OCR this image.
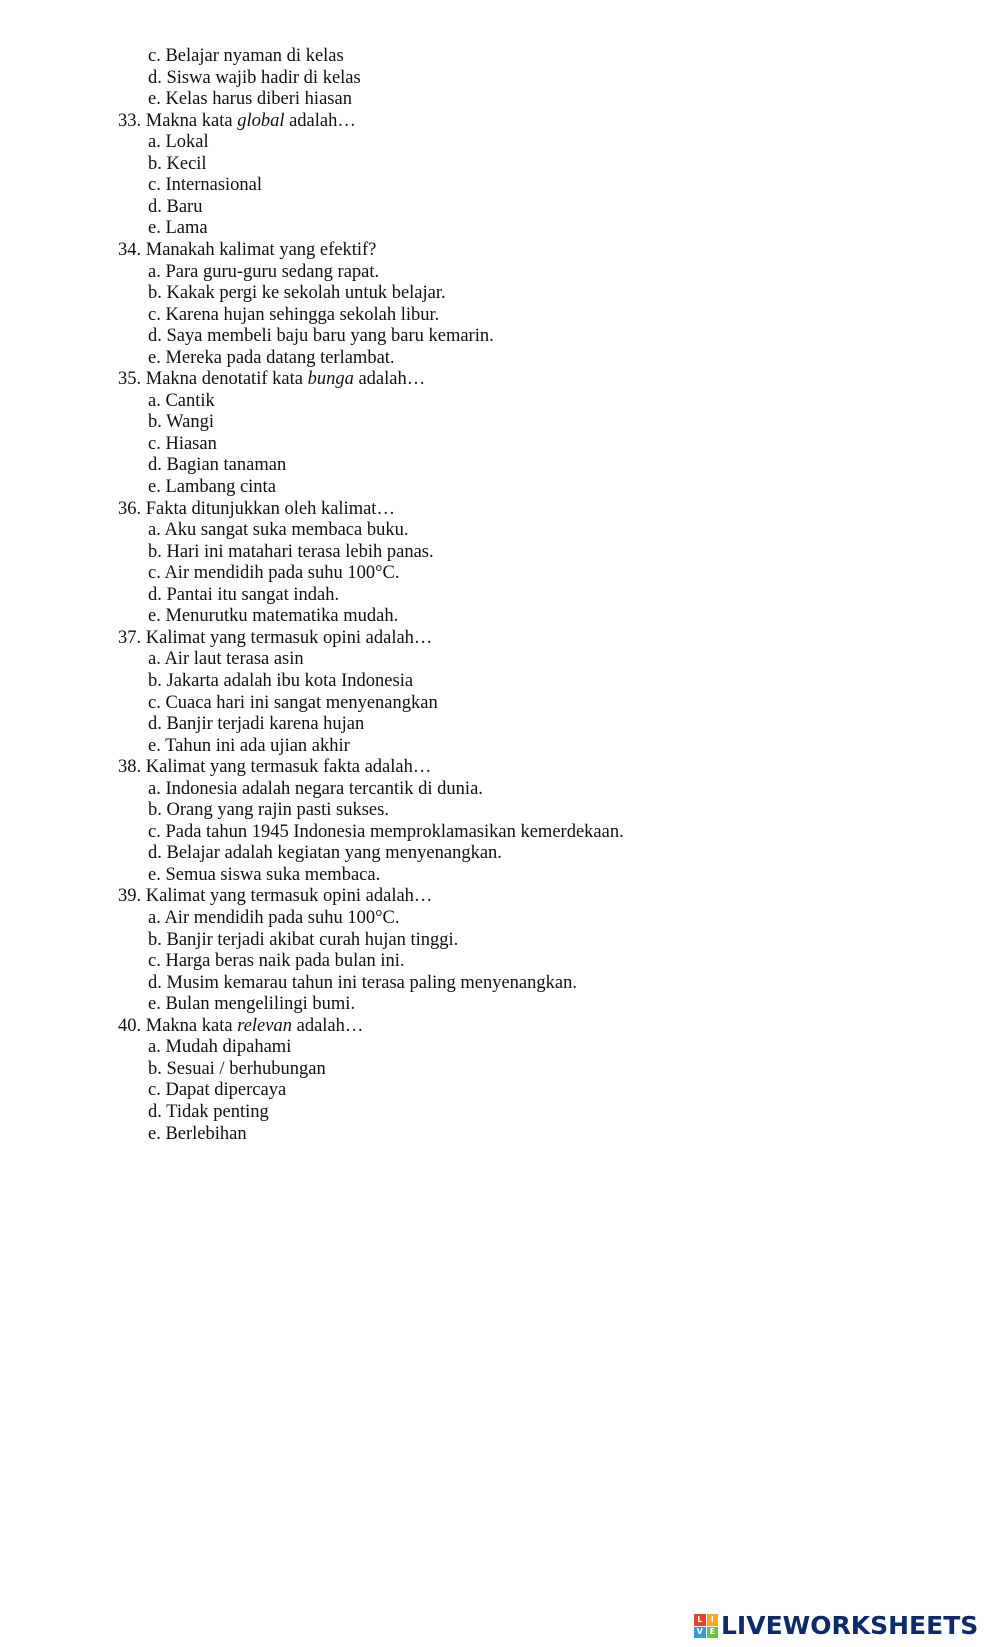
c. Belajar nyaman di kelas
d. Siswa wajib hadir di kelas
e. Kelas harus diberi hiasan
33. Makna kata global adalah…
a. Lokal
b. Kecil
c. Internasional
d. Baru
e. Lama
34. Manakah kalimat yang efektif?
a. Para guru-guru sedang rapat.
b. Kakak pergi ke sekolah untuk belajar.
c. Karena hujan sehingga sekolah libur.
d. Saya membeli baju baru yang baru kemarin.
e. Mereka pada datang terlambat.
35. Makna denotatif kata bunga adalah…
a. Cantik
b. Wangi
c. Hiasan
d. Bagian tanaman
e. Lambang cinta
36. Fakta ditunjukkan oleh kalimat…
a. Aku sangat suka membaca buku.
b. Hari ini matahari terasa lebih panas.
c. Air mendidih pada suhu 100°C.
d. Pantai itu sangat indah.
e. Menurutku matematika mudah.
37. Kalimat yang termasuk opini adalah…
a. Air laut terasa asin
b. Jakarta adalah ibu kota Indonesia
c. Cuaca hari ini sangat menyenangkan
d. Banjir terjadi karena hujan
e. Tahun ini ada ujian akhir
38. Kalimat yang termasuk fakta adalah…
a. Indonesia adalah negara tercantik di dunia.
b. Orang yang rajin pasti sukses.
c. Pada tahun 1945 Indonesia memproklamasikan kemerdekaan.
d. Belajar adalah kegiatan yang menyenangkan.
e. Semua siswa suka membaca.
39. Kalimat yang termasuk opini adalah…
a. Air mendidih pada suhu 100°C.
b. Banjir terjadi akibat curah hujan tinggi.
c. Harga beras naik pada bulan ini.
d. Musim kemarau tahun ini terasa paling menyenangkan.
e. Bulan mengelilingi bumi.
40. Makna kata relevan adalah…
a. Mudah dipahami
b. Sesuai / berhubungan
c. Dapat dipercaya
d. Tidak penting
e. Berlebihan
L	I
V E LIVEWORKSHEETS
